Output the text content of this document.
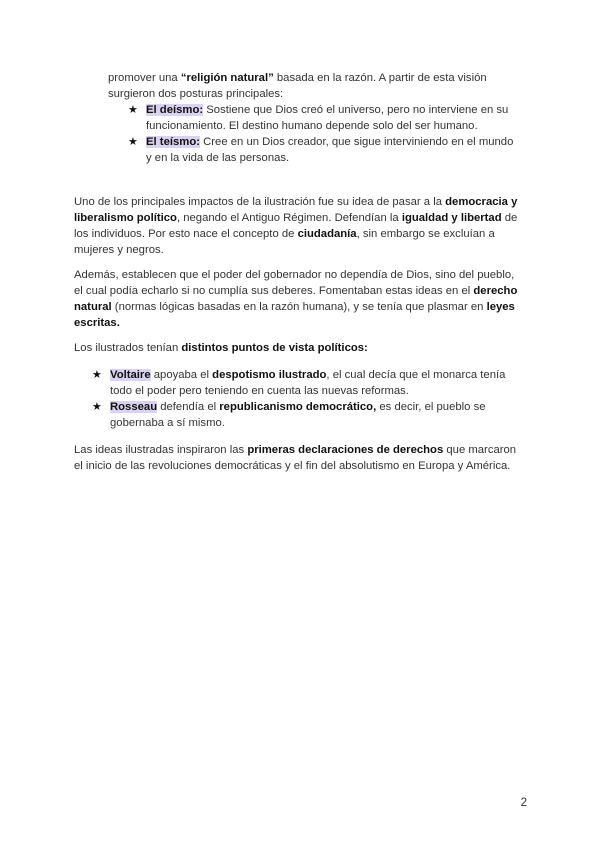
promover una “religión natural” basada en la razón. A partir de esta visión surgieron dos posturas principales:

★ El deísmo: Sostiene que Dios creó el universo, pero no interviene en su funcionamiento. El destino humano depende solo del ser humano.
★ El teísmo: Cree en un Dios creador, que sigue interviniendo en el mundo y en la vida de las personas.

Uno de los principales impactos de la ilustración fue su idea de pasar a la democracia y liberalismo político, negando el Antiguo Régimen. Defendían la igualdad y libertad de los individuos. Por esto nace el concepto de ciudadanía, sin embargo se excluían a mujeres y negros.

Además, establecen que el poder del gobernador no dependía de Dios, sino del pueblo, el cual podía echarlo si no cumplía sus deberes. Fomentaban estas ideas en el derecho natural (normas lógicas basadas en la razón humana), y se tenía que plasmar en leyes escritas.

Los ilustrados tenían distintos puntos de vista políticos:

★ Voltaire apoyaba el despotismo ilustrado, el cual decía que el monarca tenía todo el poder pero teniendo en cuenta las nuevas reformas.
★ Rosseau defendía el republicanismo democrático, es decir, el pueblo se gobernaba a sí mismo.

Las ideas ilustradas inspiraron las primeras declaraciones de derechos que marcaron el inicio de las revoluciones democráticas y el fin del absolutismo en Europa y América.

2
